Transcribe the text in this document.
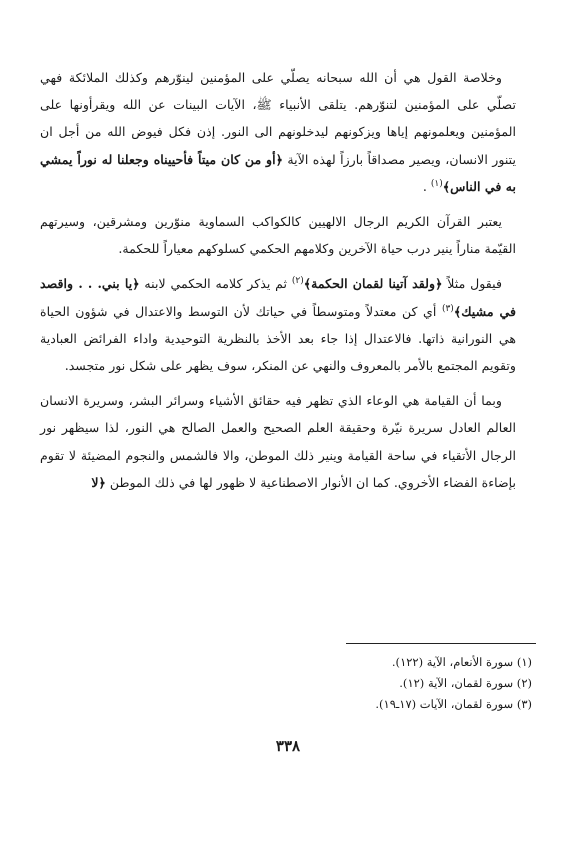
وخلاصة القول هي أن الله سبحانه يصلّي على المؤمنين لينوّرهم وكذلك الملائكة فهي تصلّي على المؤمنين لتنوّرهم. يتلقى الأنبياء ﷺ، الآيات البينات عن الله ويقرأونها على المؤمنين ويعلمونهم إياها ويزكونهم ليدخلونهم الى النور. إذن فكل فيوض الله من أجل ان يتنور الانسان، ويصير مصداقاً بارزاً لهذه الآية ﴿أو من كان ميتاً فأحييناه وجعلنا له نوراً يمشي به في الناس﴾$^{(١)}$ .

يعتبر القرآن الكريم الرجال الالهيين كالكواكب السماوية منوّرين ومشرقين، وسيرتهم القيّمة مناراً ينير درب حياة الآخرين وكلامهم الحكمي كسلوكهم معياراً للحكمة.

فيقول مثلاً ﴿ولقد آتينا لقمان الحكمة﴾$^{(٢)}$ ثم يذكر كلامه الحكمي لابنه ﴿يا بني. . . واقصد في مشيك﴾$^{(٣)}$ أي كن معتدلاً ومتوسطاً في حياتك لأن التوسط والاعتدال في شؤون الحياة هي النورانية ذاتها. فالاعتدال إذا جاء بعد الأخذ بالنظرية التوحيدية واداء الفرائض العبادية وتقويم المجتمع بالأمر بالمعروف والنهي عن المنكر، سوف يظهر على شكل نور متجسد.

وبما أن القيامة هي الوعاء الذي تظهر فيه حقائق الأشياء وسرائر البشر، وسريرة الانسان العالم العادل سريرة نيّرة وحقيقة العلم الصحيح والعمل الصالح هي النور، لذا سيظهر نور الرجال الأتقياء في ساحة القيامة وينير ذلك الموطن، والا فالشمس والنجوم المضيئة لا تقوم بإضاءة الفضاء الأخروي. كما ان الأنوار الاصطناعية لا ظهور لها في ذلك الموطن ﴿لا

(١) سورة الأنعام، الآية (١٢٢).
(٢) سورة لقمان، الآية (١٢).
(٣) سورة لقمان، الآيات (١٧ـ١٩).
٣٣٨
